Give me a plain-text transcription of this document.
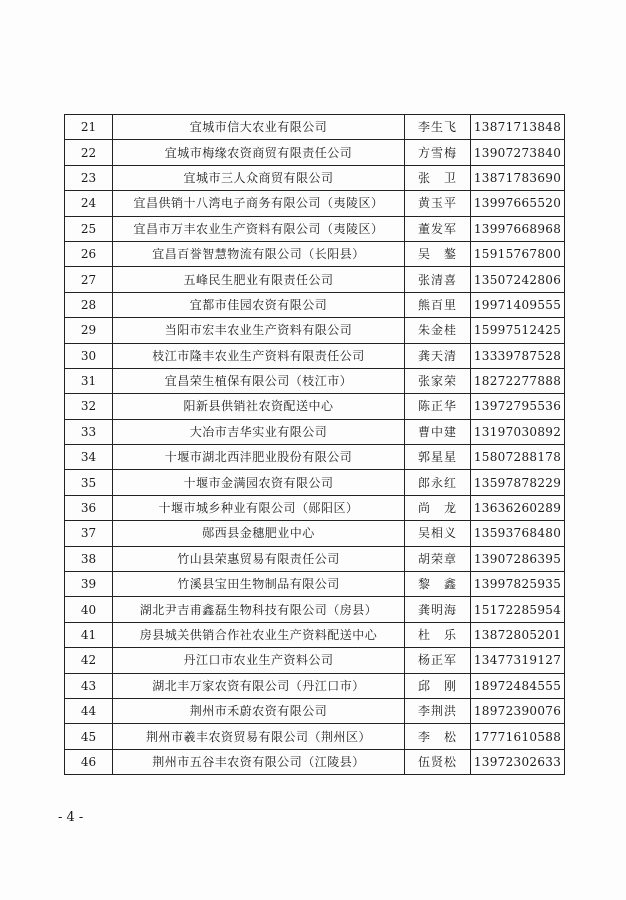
21	宜城市信大农业有限公司	李生飞	13871713848
22	宜城市梅缘农资商贸有限责任公司	方雪梅	13907273840
23	宜城市三人众商贸有限公司	张　卫	13871783690
24	宜昌供销十八湾电子商务有限公司（夷陵区）	黄玉平	13997665520
25	宜昌市万丰农业生产资料有限公司（夷陵区）	董发军	13997668968
26	宜昌百誉智慧物流有限公司（长阳县）	吴　鏊	15915767800
27	五峰民生肥业有限责任公司	张清喜	13507242806
28	宜都市佳园农资有限公司	熊百里	19971409555
29	当阳市宏丰农业生产资料有限公司	朱金桂	15997512425
30	枝江市隆丰农业生产资料有限责任公司	龚天清	13339787528
31	宜昌荣生植保有限公司（枝江市）	张家荣	18272277888
32	阳新县供销社农资配送中心	陈正华	13972795536
33	大冶市吉华实业有限公司	曹中建	13197030892
34	十堰市湖北西沣肥业股份有限公司	郭星星	15807288178
35	十堰市金满园农资有限公司	郎永红	13597878229
36	十堰市城乡种业有限公司（郧阳区）	尚　龙	13636260289
37	郧西县金穗肥业中心	吴相义	13593768480
38	竹山县荣惠贸易有限责任公司	胡荣章	13907286395
39	竹溪县宝田生物制品有限公司	黎　鑫	13997825935
40	湖北尹吉甫鑫磊生物科技有限公司（房县）	龚明海	15172285954
41	房县城关供销合作社农业生产资料配送中心	杜　乐	13872805201
42	丹江口市农业生产资料公司	杨正军	13477319127
43	湖北丰万家农资有限公司（丹江口市）	邱　刚	18972484555
44	荆州市禾蔚农资有限公司	李荆洪	18972390076
45	荆州市羲丰农资贸易有限公司（荆州区）	李　松	17771610588
46	荆州市五谷丰农资有限公司（江陵县）	伍贤松	13972302633
- 4 -
